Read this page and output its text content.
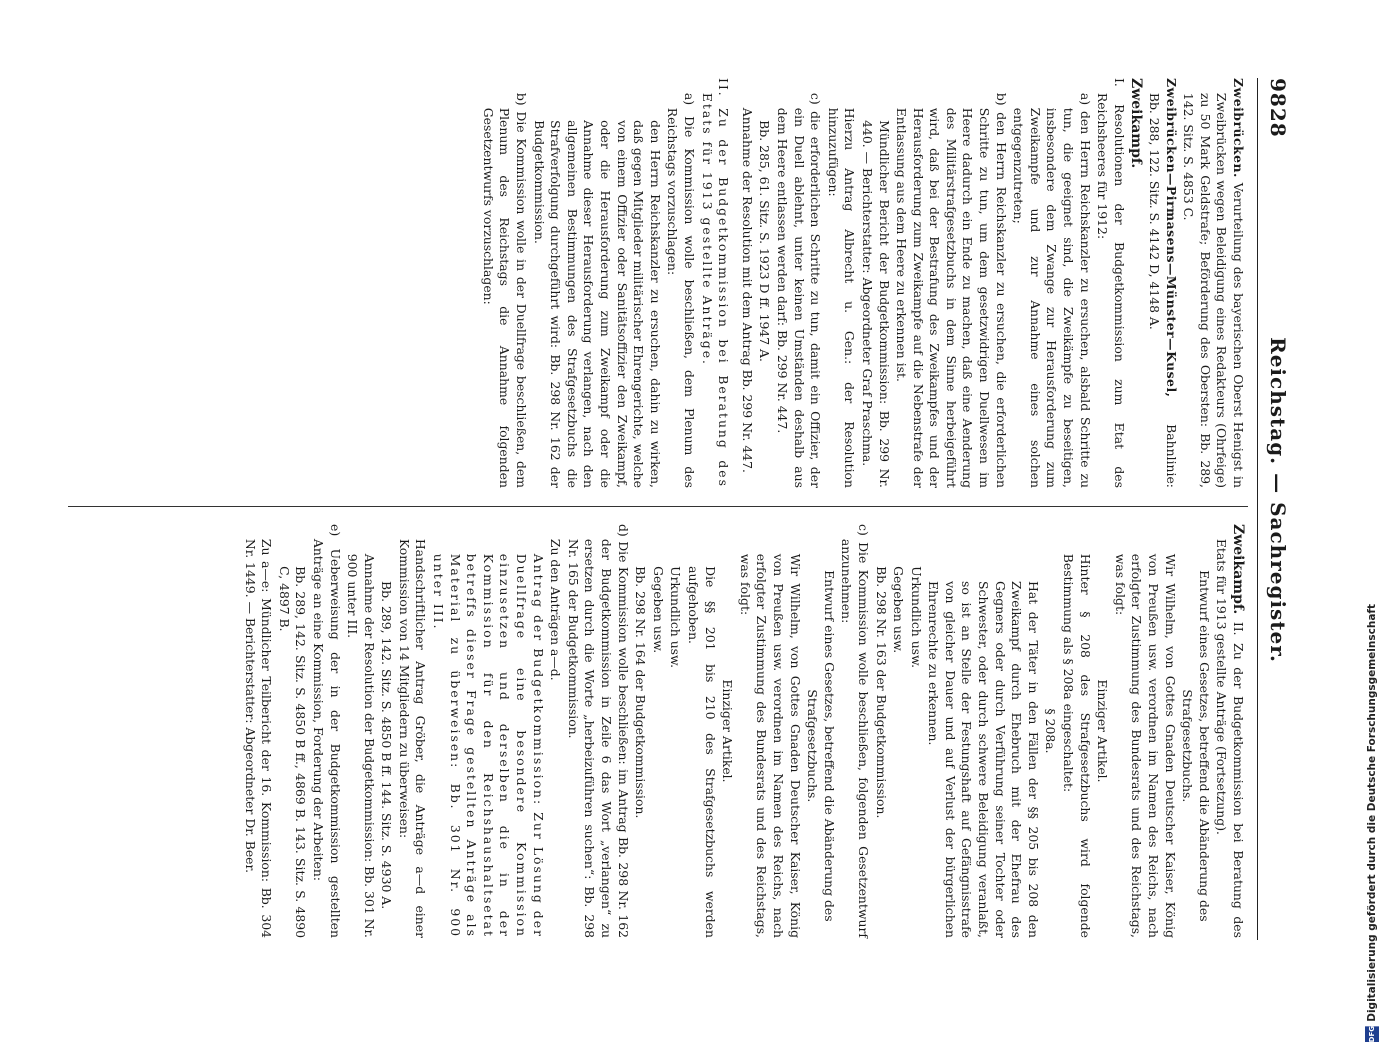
9828
Reichstag. — Sachregister.

Zweibrücken. Verurteilung des bayerischen Oberst Henigst in Zweibrücken wegen Beleidigung eines Redakteurs (Ohrfeige) zu 50 Mark Geldstrafe; Beförderung des Obersten: Bb. 289, 142. Sitz. S. 4853 C.

Zweibrücken—Pirmasens—Münster—Kusel, Bahnlinie: Bb. 288, 122. Sitz. S. 4142 D, 4148 A.

Zweikampf.

I. Resolutionen der Budgetkommission zum Etat des Reichsheeres für 1912:

a) den Herrn Reichskanzler zu ersuchen, alsbald Schritte zu tun, die geeignet sind, die Zweikämpfe zu beseitigen, insbesondere dem Zwange zur Herausforderung zum Zweikampfe und zur Annahme eines solchen entgegenzutreten;

b) den Herrn Reichskanzler zu ersuchen, die erforderlichen Schritte zu tun, um dem gesetzwidrigen Duellwesen im Heere dadurch ein Ende zu machen, daß eine Aenderung des Militärstrafgesetzbuchs in dem Sinne herbeigeführt wird, daß bei der Bestrafung des Zweikampfes und der Herausforderung zum Zweikampfe auf die Nebenstrafe der Entlassung aus dem Heere zu erkennen ist.

Mündlicher Bericht der Budgetkommission: Bb. 299 Nr. 440. — Berichterstatter: Abgeordneter Graf Praschma.

Hierzu Antrag Albrecht u. Gen.: der Resolution hinzuzufügen:

c) die erforderlichen Schritte zu tun, damit ein Offizier, der ein Duell ablehnt, unter keinen Umständen deshalb aus dem Heere entlassen werden darf: Bb. 299 Nr. 447.

Bb. 285, 61. Sitz. S. 1923 D ff. 1947 A.

Annahme der Resolution mit dem Antrag Bb. 299 Nr. 447.

II. Zu der Budgetkommission bei Beratung des Etats für 1913 gestellte Anträge.

a) Die Kommission wolle beschließen, dem Plenum des Reichstags vorzuschlagen:

den Herrn Reichskanzler zu ersuchen, dahin zu wirken, daß gegen Mitglieder militärischer Ehrengerichte, welche von einem Offizier oder Sanitätsoffizier den Zweikampf, oder die Herausforderung zum Zweikampf oder die Annahme dieser Herausforderung verlangen, nach den allgemeinen Bestimmungen des Strafgesetzbuchs die Strafverfolgung durchgeführt wird: Bb. 298 Nr. 162 der Budgetkommission.

b) Die Kommission wolle in der Duellfrage beschließen, dem Plenum des Reichstags die Annahme folgenden Gesetzentwurfs vorzuschlagen:

Zweikampf. II. Zu der Budgetkommission bei Beratung des Etats für 1913 gestellte Anträge (Fortsetzung).

Entwurf eines Gesetzes, betreffend die Abänderung des Strafgesetzbuchs.

Wir Wilhelm, von Gottes Gnaden Deutscher Kaiser, König von Preußen usw. verordnen im Namen des Reichs, nach erfolgter Zustimmung des Bundesrats und des Reichstags, was folgt:

Einziger Artikel.

Hinter § 208 des Strafgesetzbuchs wird folgende Bestimmung als § 208a eingeschaltet:

§ 208a.

Hat der Täter in den Fällen der §§ 205 bis 208 den Zweikampf durch Ehebruch mit der Ehefrau des Gegners oder durch Verführung seiner Tochter oder Schwester, oder durch schwere Beleidigung veranlaßt, so ist an Stelle der Festungshaft auf Gefängnisstrafe von gleicher Dauer und auf Verlust der bürgerlichen Ehrenrechte zu erkennen.

Urkundlich usw.

Gegeben usw.

Bb. 298 Nr. 163 der Budgetkommission.

c) Die Kommission wolle beschließen, folgenden Gesetzentwurf anzunehmen:

Entwurf eines Gesetzes, betreffend die Abänderung des Strafgesetzbuchs.

Wir Wilhelm, von Gottes Gnaden Deutscher Kaiser, König von Preußen usw. verordnen im Namen des Reichs, nach erfolgter Zustimmung des Bundesrats und des Reichstags, was folgt:

Einziger Artikel.

Die §§ 201 bis 210 des Strafgesetzbuchs werden aufgehoben.

Urkundlich usw.

Gegeben usw.

Bb. 298 Nr. 164 der Budgetkommission.

d) Die Kommission wolle beschließen: im Antrag Bb. 298 Nr. 162 der Budgetkommission in Zeile 6 das Wort „verlangen“ zu ersetzen durch die Worte „herbeizuführen suchen“: Bb. 298 Nr. 165 der Budgetkommission.

Zu den Anträgen a—d.

Antrag der Budgetkommission: Zur Lösung der Duellfrage eine besondere Kommission einzusetzen und derselben die in der Kommission für den Reichshaushaltsetat betreffs dieser Frage gestellten Anträge als Material zu überweisen: Bb. 301 Nr. 900 unter III.

Handschriftlicher Antrag Gröber, die Anträge a—d einer Kommission von 14 Mitgliedern zu überweisen:

Bb. 289, 142. Sitz. S. 4850 B ff. 144. Sitz. S. 4930 A.

Annahme der Resolution der Budgetkommission: Bb. 301 Nr. 900 unter III.

e) Ueberweisung der in der Budgetkommission gestellten Anträge an eine Kommission, Forderung der Arbeiten:

Bb. 289, 142. Sitz. S. 4850 B ff., 4869 B. 143. Sitz. S. 4890 C, 4897 B.

Zu a—e: Mündlicher Teilbericht der 16. Kommission: Bb. 304 Nr. 1449. — Berichterstatter: Abgeordneter Dr. Beer.	Digitalisierung gefördert durch die Deutsche Forschungsgemeinschaft
DFG
